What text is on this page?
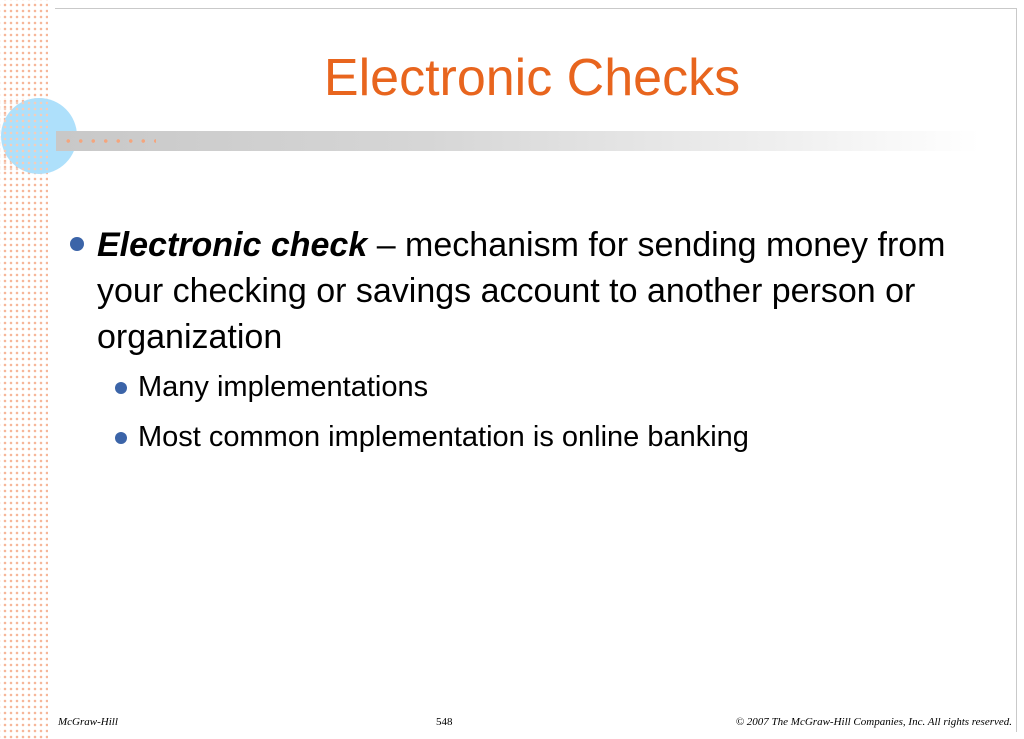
Electronic Checks
Electronic check – mechanism for sending money from your checking or savings account to another person or organization
Many implementations
Most common implementation is online banking
McGraw-Hill	548	© 2007 The McGraw-Hill Companies, Inc. All rights reserved.
